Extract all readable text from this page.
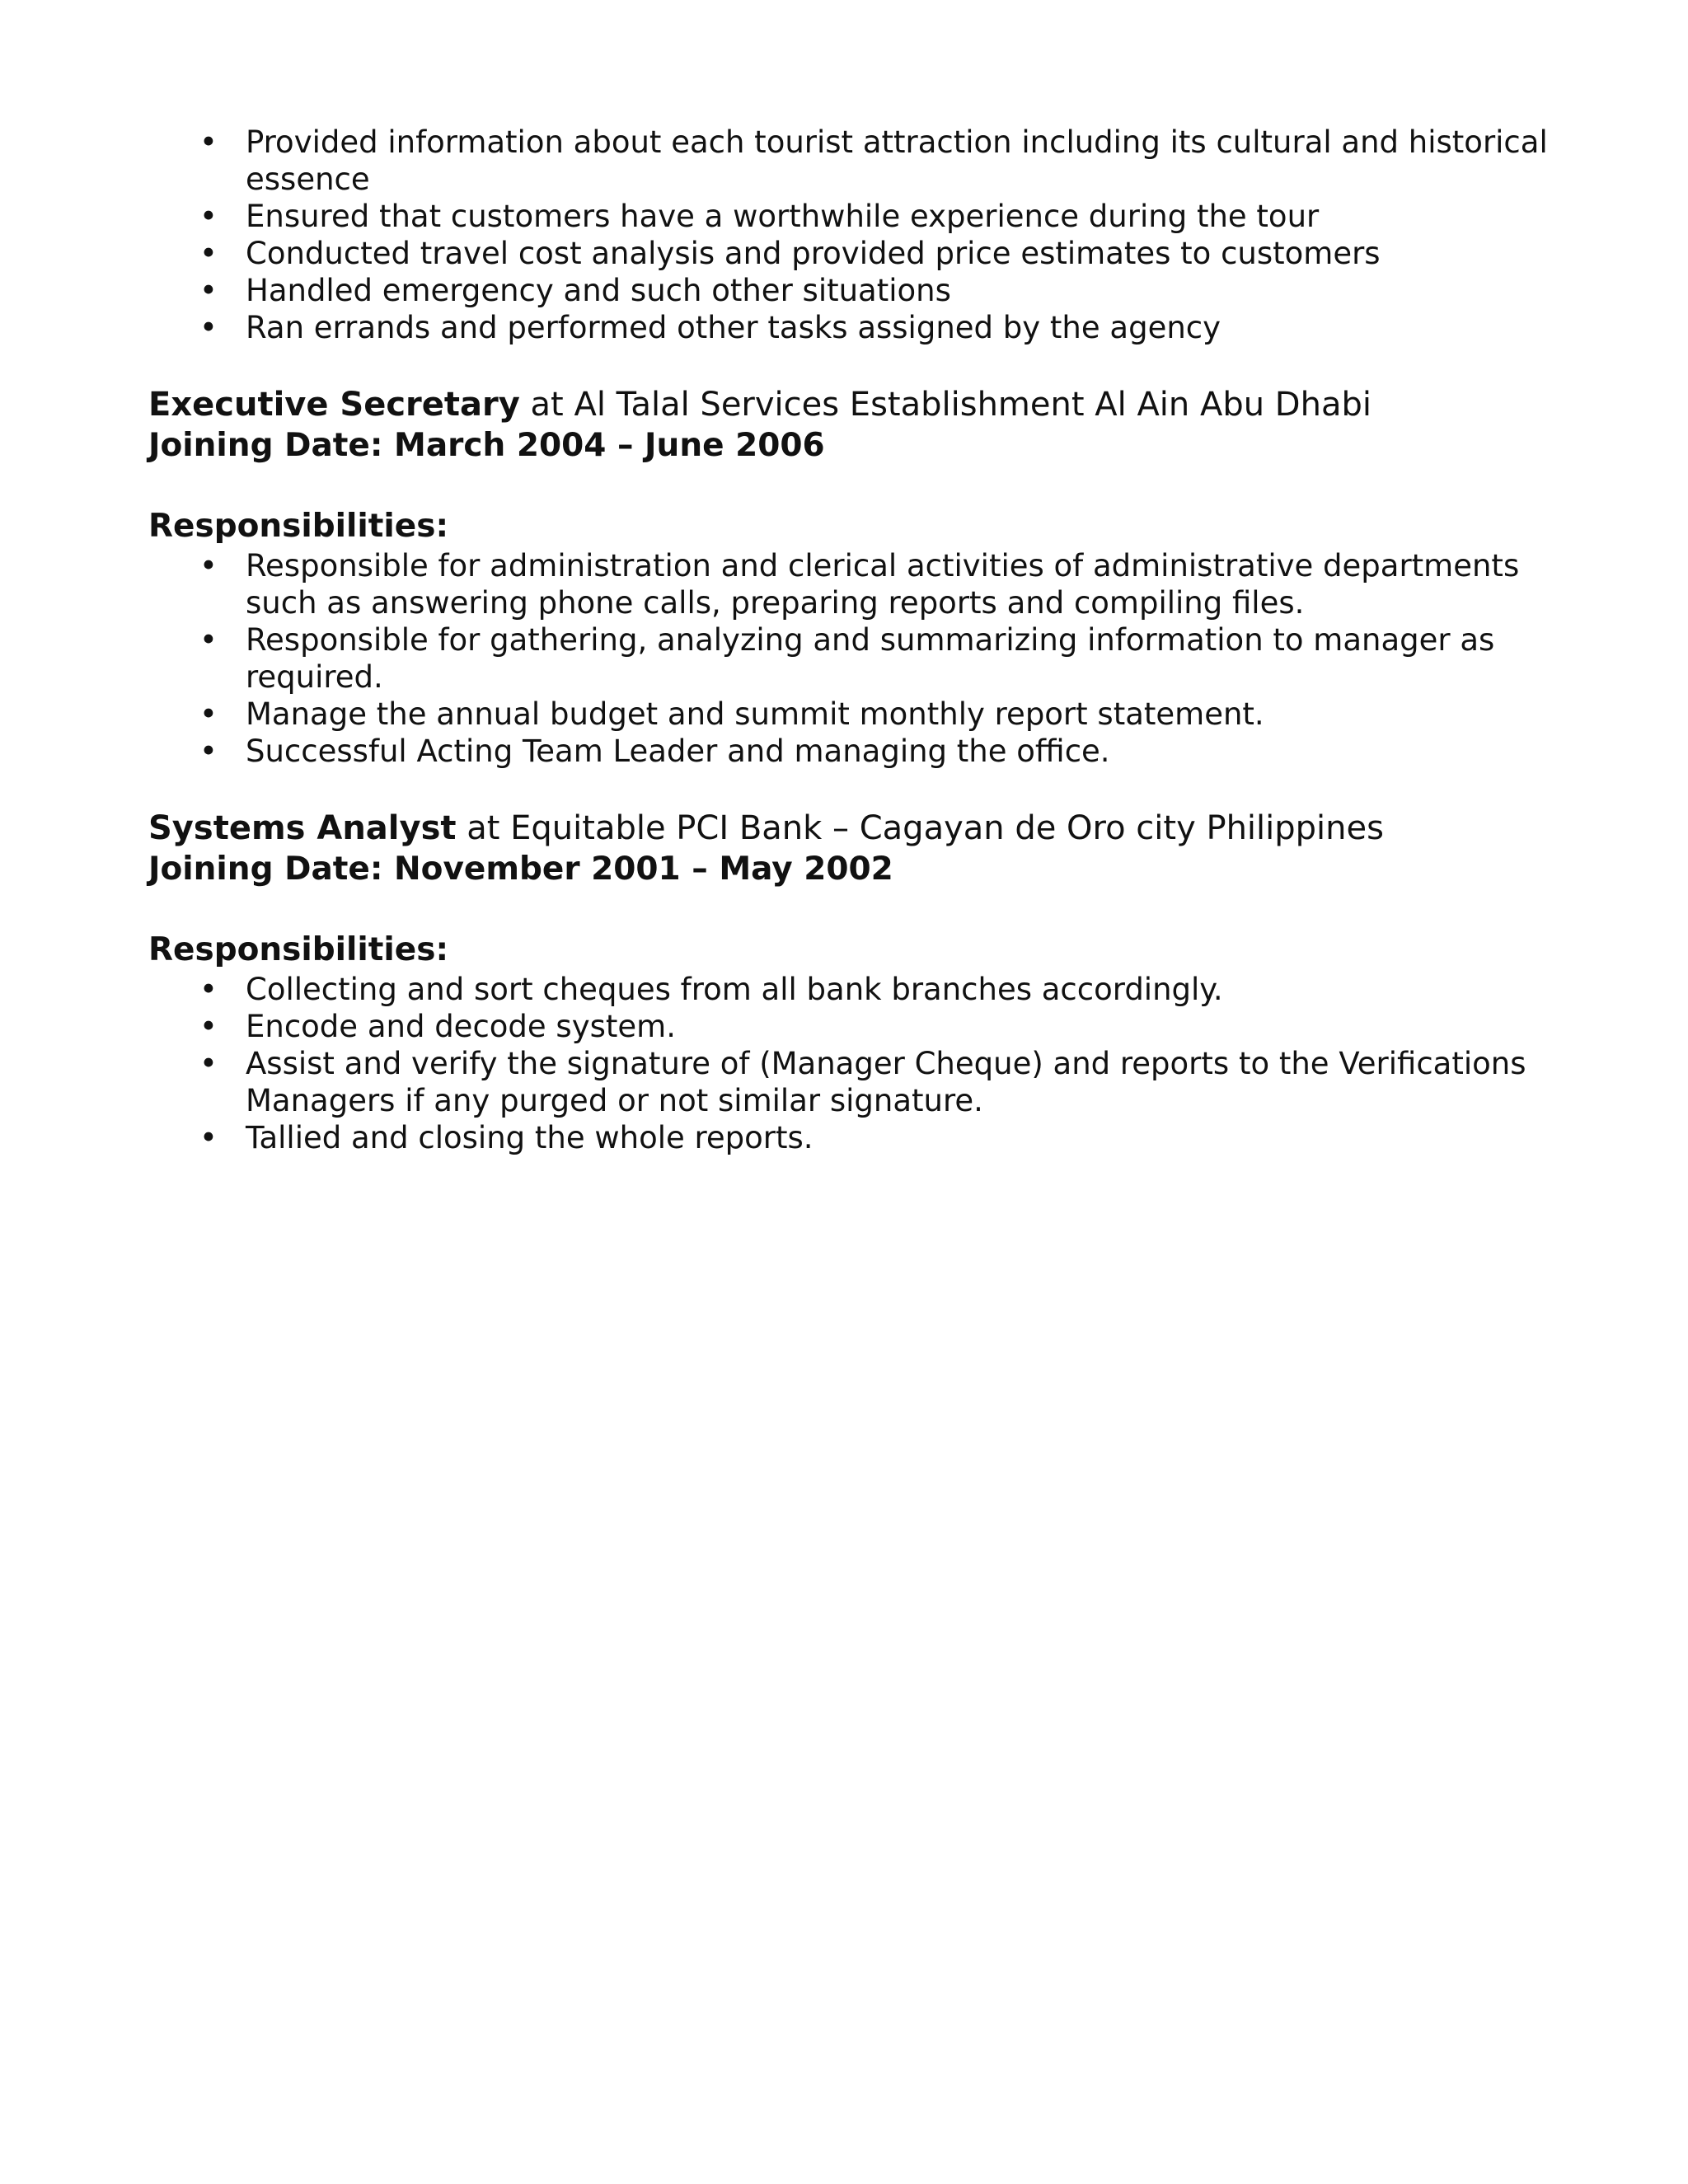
• Provided information about each tourist attraction including its cultural and historical essence
• Ensured that customers have a worthwhile experience during the tour
• Conducted travel cost analysis and provided price estimates to customers
• Handled emergency and such other situations
• Ran errands and performed other tasks assigned by the agency
Executive Secretary at Al Talal Services Establishment Al Ain Abu Dhabi
Joining Date: March 2004 – June 2006
Responsibilities:
• Responsible for administration and clerical activities of administrative departments such as answering phone calls, preparing reports and compiling files.
• Responsible for gathering, analyzing and summarizing information to manager as required.
• Manage the annual budget and summit monthly report statement.
• Successful Acting Team Leader and managing the office.
Systems Analyst at Equitable PCI Bank – Cagayan de Oro city Philippines
Joining Date: November 2001 – May 2002
Responsibilities:
• Collecting and sort cheques from all bank branches accordingly.
• Encode and decode system.
• Assist and verify the signature of (Manager Cheque) and reports to the Verifications Managers if any purged or not similar signature.
• Tallied and closing the whole reports.
